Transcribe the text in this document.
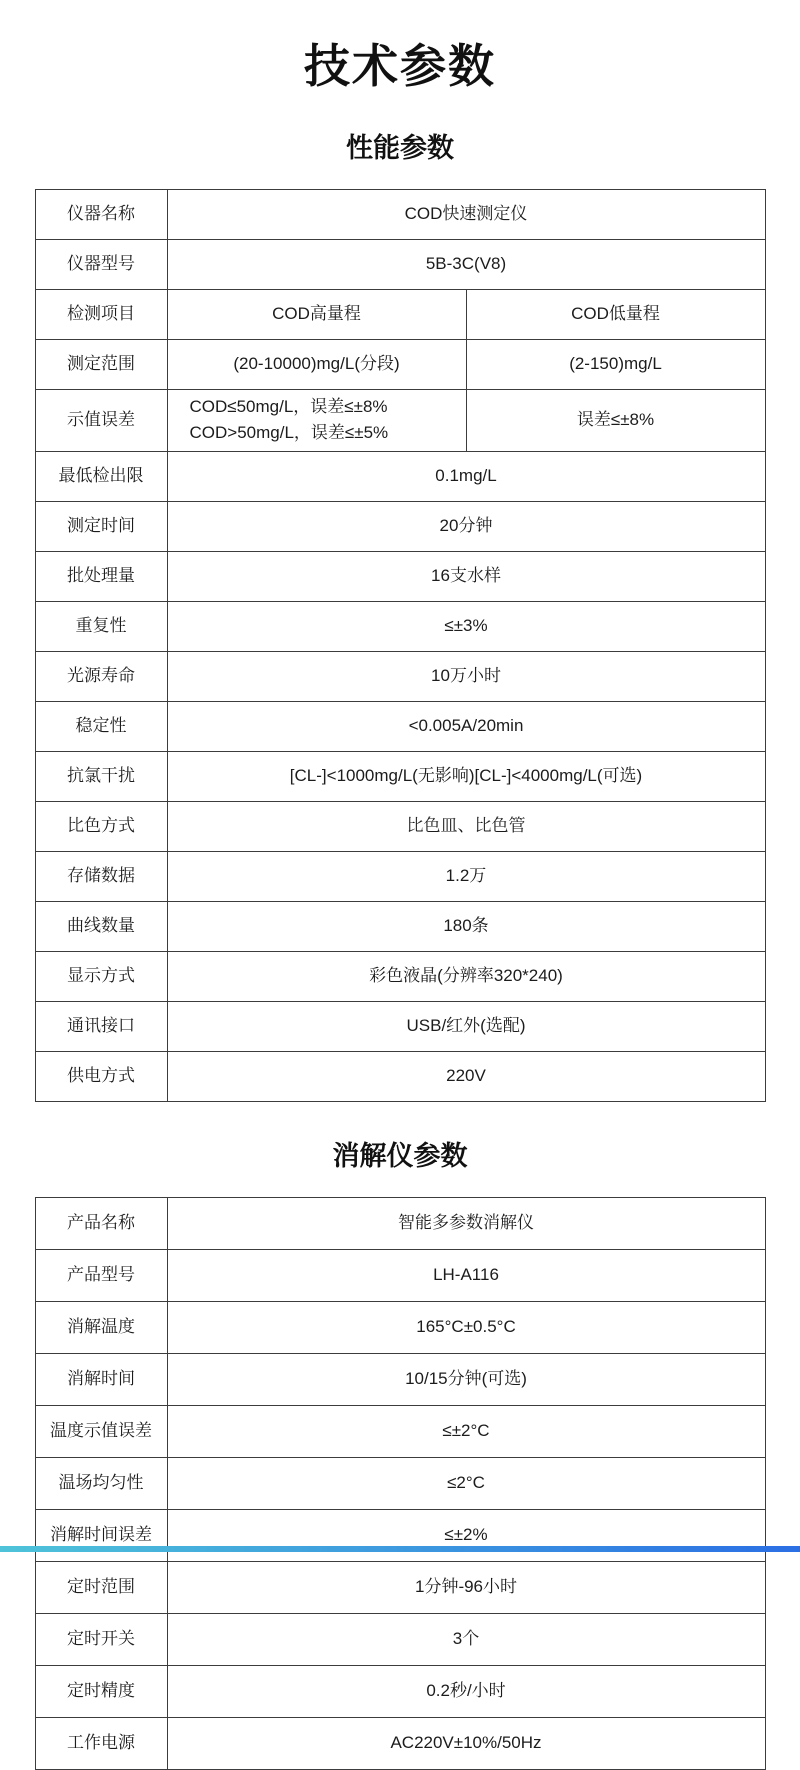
技术参数
性能参数
仪器名称	COD快速测定仪	

仪器型号	5B-3C(V8)	

检测项目	COD高量程	COD低量程

测定范围	(20-10000)mg/L(分段)	(2-150)mg/L

示值误差	COD≤50mg/L，误差≤±8%
COD>50mg/L，误差≤±5%	误差≤±8%

最低检出限	0.1mg/L	

测定时间	20分钟	

批处理量	16支水样	

重复性	≤±3%	

光源寿命	10万小时	

稳定性	<0.005A/20min	

抗氯干扰	[CL-]<1000mg/L(无影响)[CL-]<4000mg/L(可选)	

比色方式	比色皿、比色管	

存储数据	1.2万	

曲线数量	180条	

显示方式	彩色液晶(分辨率320*240)	

通讯接口	USB/红外(选配)	

供电方式	220V	
消解仪参数
产品名称	智能多参数消解仪

产品型号	LH-A116

消解温度	165°C±0.5°C

消解时间	10/15分钟(可选)

温度示值误差	≤±2°C

温场均匀性	≤2°C

消解时间误差	≤±2%

定时范围	1分钟-96小时

定时开关	3个

定时精度	0.2秒/小时

工作电源	AC220V±10%/50Hz
